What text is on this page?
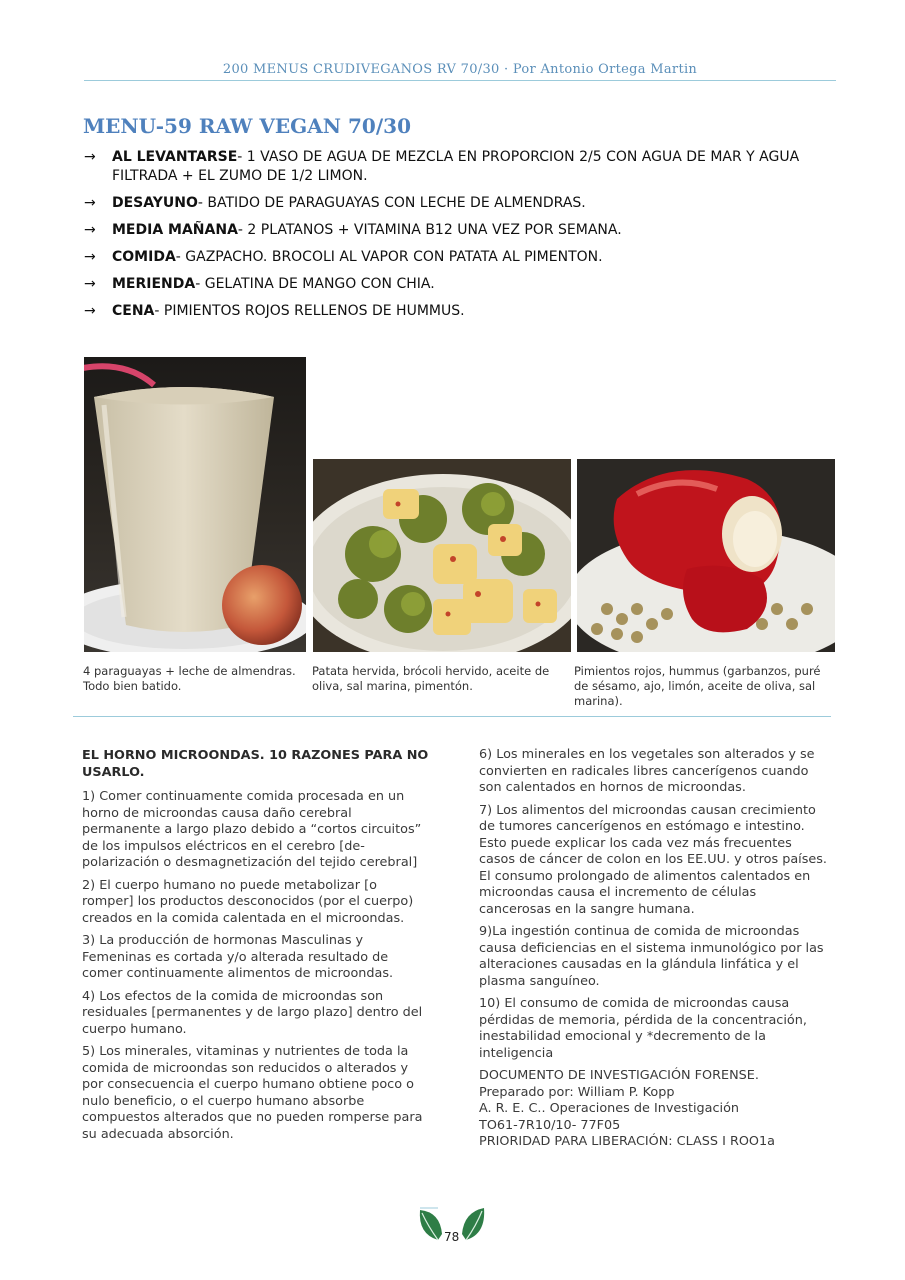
200 MENUS CRUDIVEGANOS RV 70/30 · Por Antonio Ortega Martin
MENU-59 RAW VEGAN 70/30
→ AL LEVANTARSE- 1 VASO DE AGUA DE MEZCLA EN PROPORCION 2/5 CON AGUA DE MAR Y AGUA FILTRADA + EL ZUMO DE 1/2 LIMON.
→ DESAYUNO- BATIDO DE PARAGUAYAS CON LECHE DE ALMENDRAS.
→ MEDIA MAÑANA- 2 PLATANOS + VITAMINA B12 UNA VEZ POR SEMANA.
→ COMIDA- GAZPACHO. BROCOLI AL VAPOR CON PATATA AL PIMENTON.
→ MERIENDA- GELATINA DE MANGO CON CHIA.
→ CENA- PIMIENTOS ROJOS RELLENOS DE HUMMUS.
4 paraguayas + leche de almendras. Todo bien batido.
Patata hervida, brócoli hervido, aceite de oliva, sal marina, pimentón.
Pimientos rojos, hummus (garbanzos, puré de sésamo, ajo, limón, aceite de oliva, sal marina).

EL HORNO MICROONDAS. 10 RAZONES PARA NO USARLO.

1) Comer continuamente comida procesada en un horno de microondas causa daño cerebral permanente a largo plazo debido a “cortos circuitos” de los impulsos eléctricos en el cerebro [de-polarización o desmagnetización del tejido cerebral]

2) El cuerpo humano no puede metabolizar [o romper] los productos desconocidos (por el cuerpo) creados en la comida calentada en el microondas.

3) La producción de hormonas Masculinas y Femeninas es cortada y/o alterada resultado de comer continuamente alimentos de microondas.

4) Los efectos de la comida de microondas son residuales [permanentes y de largo plazo] dentro del cuerpo humano.

5) Los minerales, vitaminas y nutrientes de toda la comida de microondas son reducidos o alterados y por consecuencia el cuerpo humano obtiene poco o nulo beneficio, o el cuerpo humano absorbe compuestos alterados que no pueden romperse para su adecuada absorción.

6) Los minerales en los vegetales son alterados y se convierten en radicales libres cancerígenos cuando son calentados en hornos de microondas.

7) Los alimentos del microondas causan crecimiento de tumores cancerígenos en estómago e intestino. Esto puede explicar los cada vez más frecuentes casos de cáncer de colon en los EE.UU. y otros países.

El consumo prolongado de alimentos calentados en microondas causa el incremento de células cancerosas en la sangre humana.

9)La ingestión continua de comida de microondas causa deficiencias en el sistema inmunológico por las alteraciones causadas en la glándula linfática y el plasma sanguíneo.

10) El consumo de comida de microondas causa pérdidas de memoria, pérdida de la concentración, inestabilidad emocional y *decremento de la inteligencia

DOCUMENTO DE INVESTIGACIÓN FORENSE.
Preparado por: William P. Kopp
A. R. E. C.. Operaciones de Investigación
TO61-7R10/10- 77F05
PRIORIDAD PARA LIBERACIÓN: CLASS I ROO1a
78
